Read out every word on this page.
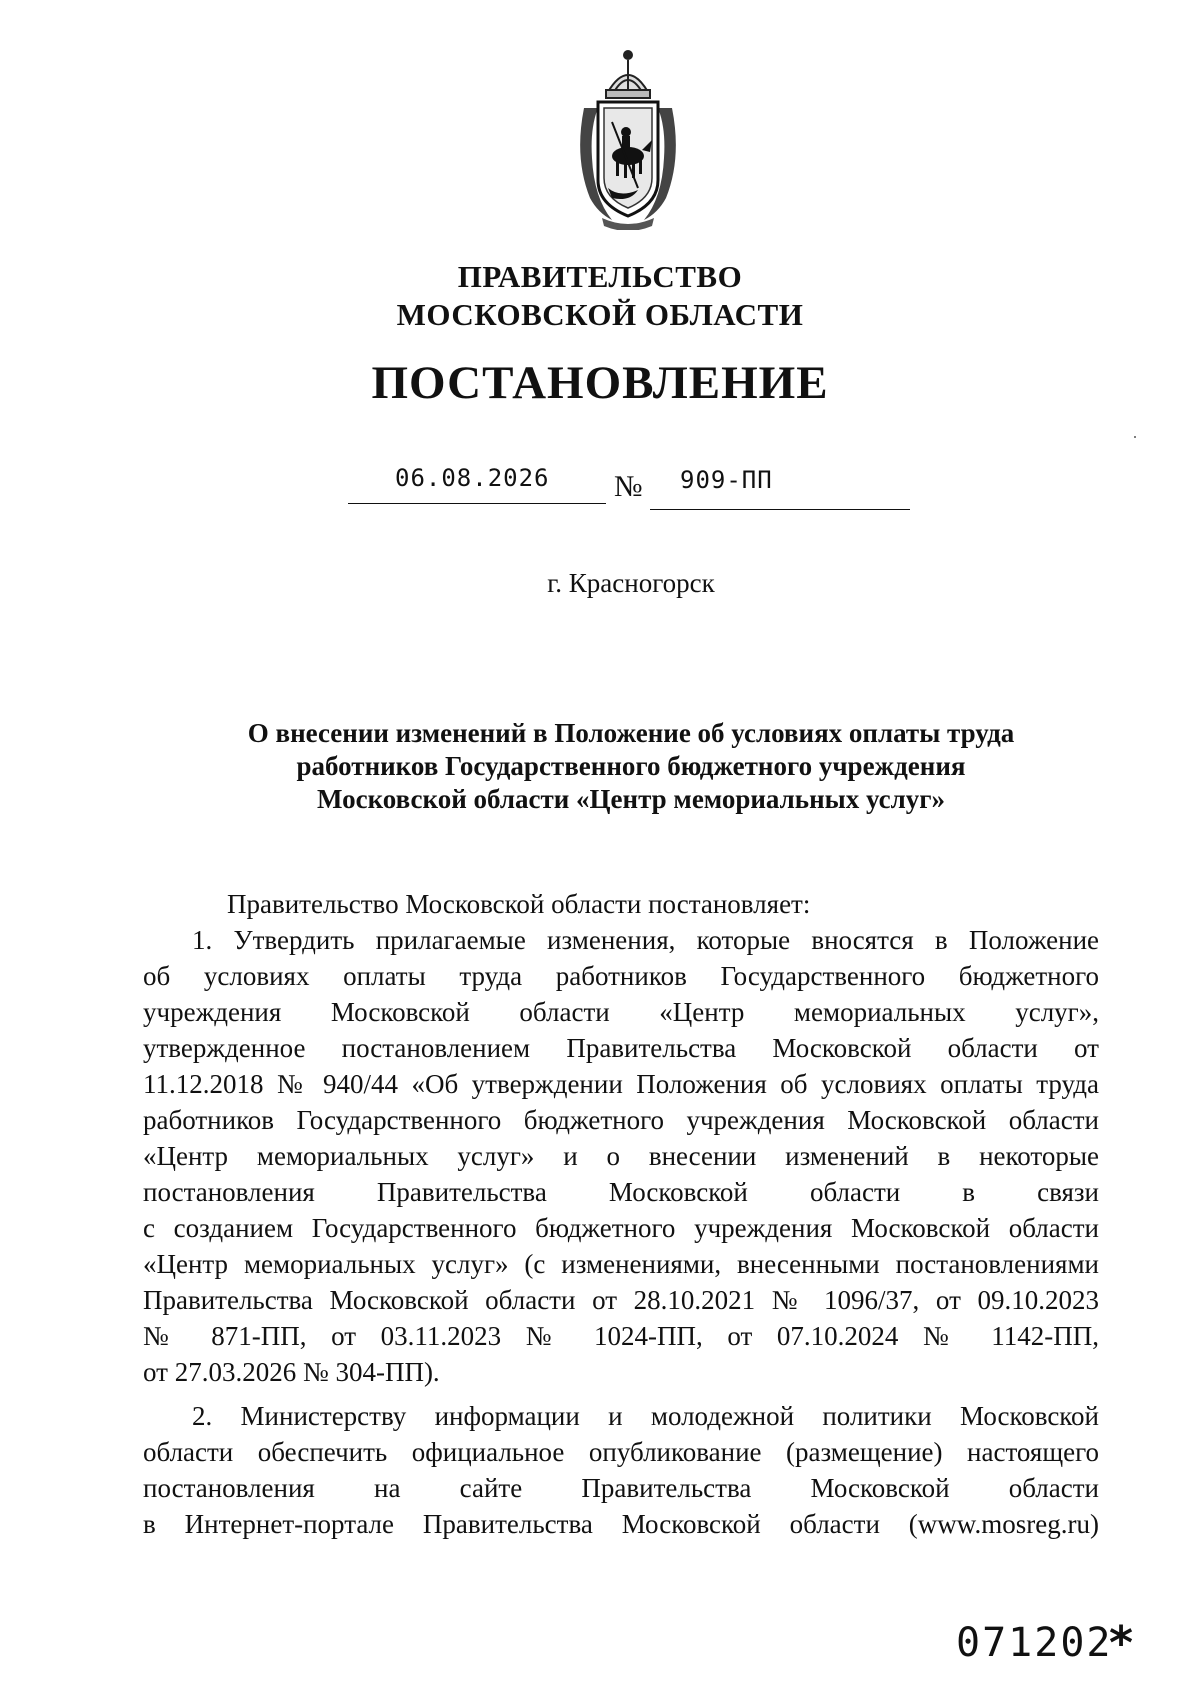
ПРАВИТЕЛЬСТВО
МОСКОВСКОЙ ОБЛАСТИ
ПОСТАНОВЛЕНИЕ
06.08.2026 № 909-ПП
г. Красногорск
О внесении изменений в Положение об условиях оплаты труда
работников Государственного бюджетного учреждения
Московской области «Центр мемориальных услуг»
Правительство Московской области постановляет:
1. Утвердить прилагаемые изменения, которые вносятся в Положение
об условиях оплаты труда работников Государственного бюджетного
учреждения Московской области «Центр мемориальных услуг»,
утвержденное постановлением Правительства Московской области от
11.12.2018 № 940/44 «Об утверждении Положения об условиях оплаты труда
работников Государственного бюджетного учреждения Московской области
«Центр мемориальных услуг» и о внесении изменений в некоторые
постановления Правительства Московской области в связи
с созданием Государственного бюджетного учреждения Московской области
«Центр мемориальных услуг» (с изменениями, внесенными постановлениями
Правительства Московской области от 28.10.2021 № 1096/37, от 09.10.2023
№ 871-ПП, от 03.11.2023 № 1024-ПП, от 07.10.2024 № 1142-ПП,
от 27.03.2026 № 304-ПП).
2. Министерству информации и молодежной политики Московской
области обеспечить официальное опубликование (размещение) настоящего
постановления на сайте Правительства Московской области
в Интернет-портале Правительства Московской области (www.mosreg.ru)
071202
*
